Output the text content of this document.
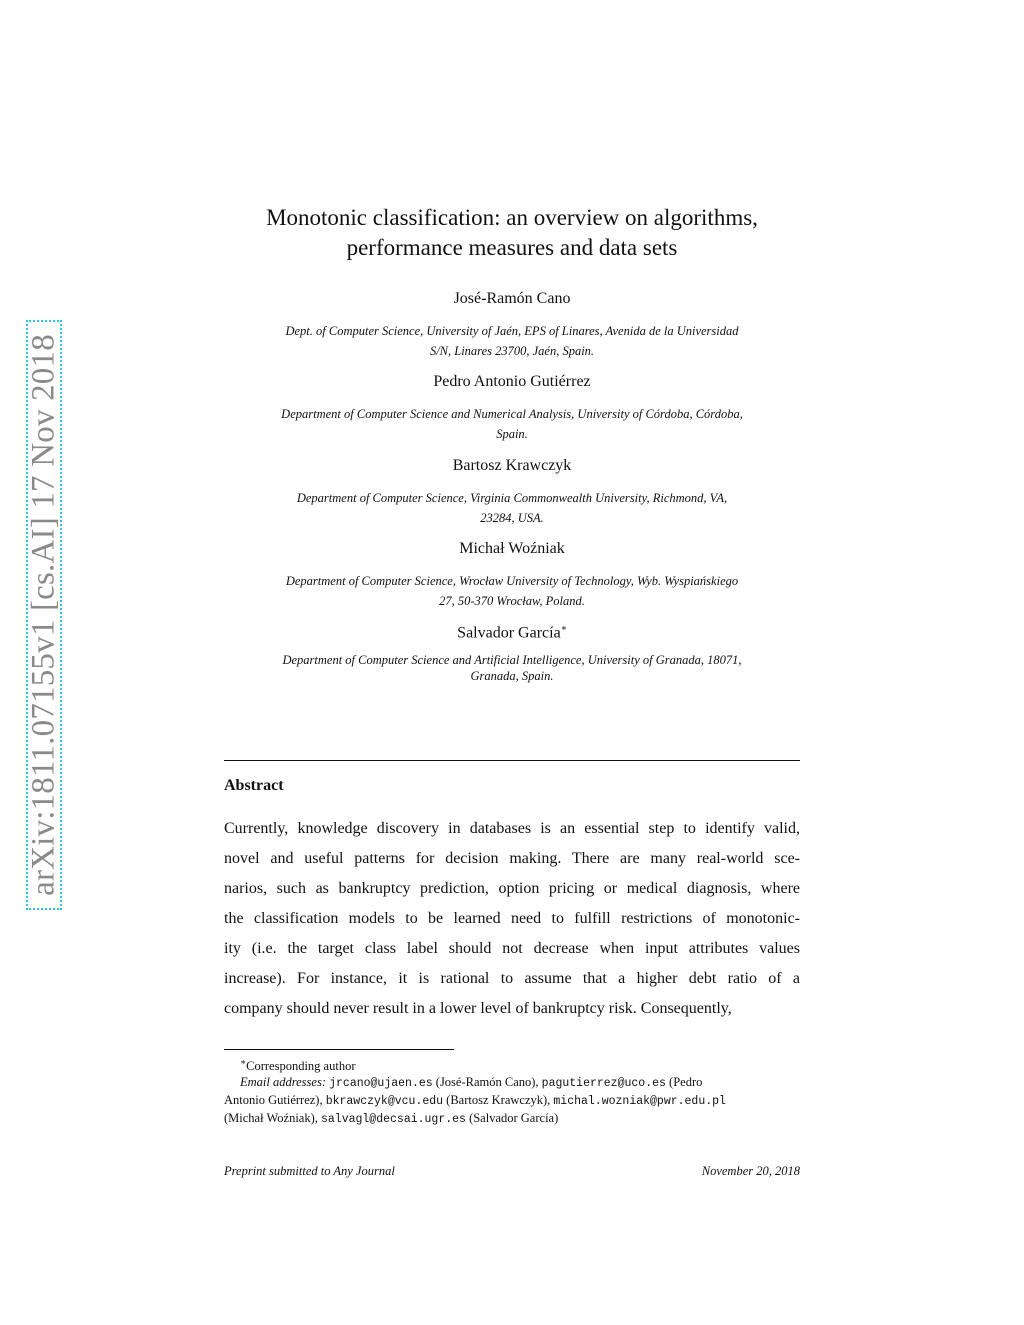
arXiv:1811.07155v1 [cs.AI] 17 Nov 2018
Monotonic classification: an overview on algorithms,
performance measures and data sets
José-Ramón Cano
Dept. of Computer Science, University of Jaén, EPS of Linares, Avenida de la Universidad
S/N, Linares 23700, Jaén, Spain.
Pedro Antonio Gutiérrez
Department of Computer Science and Numerical Analysis, University of Córdoba, Córdoba,
Spain.
Bartosz Krawczyk
Department of Computer Science, Virginia Commonwealth University, Richmond, VA,
23284, USA.
Michał Woźniak
Department of Computer Science, Wrocław University of Technology, Wyb. Wyspiańskiego
27, 50-370 Wrocław, Poland.
Salvador García∗
Department of Computer Science and Artificial Intelligence, University of Granada, 18071,
Granada, Spain.
Abstract
Currently, knowledge discovery in databases is an essential step to identify valid,
novel and useful patterns for decision making. There are many real-world sce-
narios, such as bankruptcy prediction, option pricing or medical diagnosis, where
the classification models to be learned need to fulfill restrictions of monotonic-
ity (i.e. the target class label should not decrease when input attributes values
increase). For instance, it is rational to assume that a higher debt ratio of a
company should never result in a lower level of bankruptcy risk. Consequently,
∗Corresponding author
Email addresses: jrcano@ujaen.es (José-Ramón Cano), pagutierrez@uco.es (Pedro
Antonio Gutiérrez), bkrawczyk@vcu.edu (Bartosz Krawczyk), michal.wozniak@pwr.edu.pl
(Michał Woźniak), salvagl@decsai.ugr.es (Salvador García)
Preprint submitted to Any Journal	November 20, 2018
